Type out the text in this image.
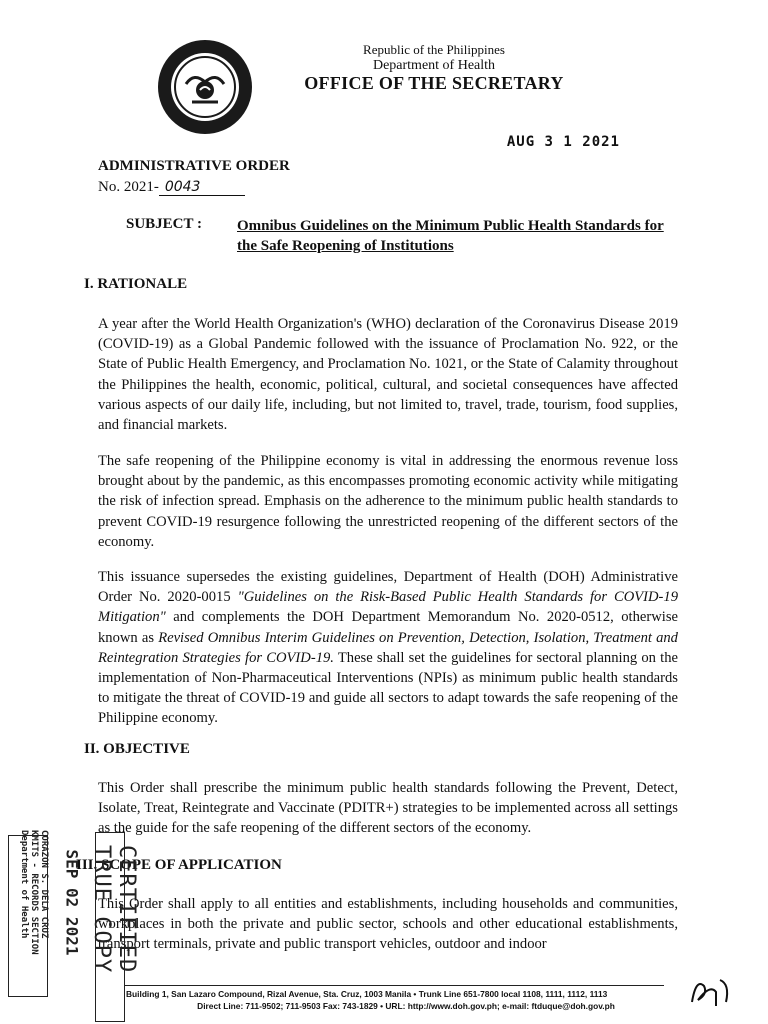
Republic of the Philippines
Department of Health
OFFICE OF THE SECRETARY
AUG 3 1 2021
ADMINISTRATIVE ORDER
No. 2021- 0043
SUBJECT : Omnibus Guidelines on the Minimum Public Health Standards for the Safe Reopening of Institutions
I. RATIONALE
A year after the World Health Organization's (WHO) declaration of the Coronavirus Disease 2019 (COVID-19) as a Global Pandemic followed with the issuance of Proclamation No. 922, or the State of Public Health Emergency, and Proclamation No. 1021, or the State of Calamity throughout the Philippines the health, economic, political, cultural, and societal consequences have affected various aspects of our daily life, including, but not limited to, travel, trade, tourism, food supplies, and financial markets.
The safe reopening of the Philippine economy is vital in addressing the enormous revenue loss brought about by the pandemic, as this encompasses promoting economic activity while mitigating the risk of infection spread. Emphasis on the adherence to the minimum public health standards to prevent COVID-19 resurgence following the unrestricted reopening of the different sectors of the economy.
This issuance supersedes the existing guidelines, Department of Health (DOH) Administrative Order No. 2020-0015 "Guidelines on the Risk-Based Public Health Standards for COVID-19 Mitigation" and complements the DOH Department Memorandum No. 2020-0512, otherwise known as Revised Omnibus Interim Guidelines on Prevention, Detection, Isolation, Treatment and Reintegration Strategies for COVID-19. These shall set the guidelines for sectoral planning on the implementation of Non-Pharmaceutical Interventions (NPIs) as minimum public health standards to mitigate the threat of COVID-19 and guide all sectors to adapt towards the safe reopening of the Philippine economy.
II. OBJECTIVE
This Order shall prescribe the minimum public health standards following the Prevent, Detect, Isolate, Treat, Reintegrate and Vaccinate (PDITR+) strategies to be implemented across all settings as the guide for the safe reopening of the different sectors of the economy.
III. SCOPE OF APPLICATION
This Order shall apply to all entities and establishments, including households and communities, workplaces in both the private and public sector, schools and other educational establishments, transport terminals, private and public transport vehicles, outdoor and indoor
CORAZON S. DELA CRUZ
KMITS - RECORDS SECTION
Department of Health SEP 02 2021	CERTIFIED TRUE COPY
Building 1, San Lazaro Compound, Rizal Avenue, Sta. Cruz, 1003 Manila • Trunk Line 651-7800 local 1108, 1111, 1112, 1113
Direct Line: 711-9502; 711-9503 Fax: 743-1829 • URL: http://www.doh.gov.ph; e-mail: ftduque@doh.gov.ph
